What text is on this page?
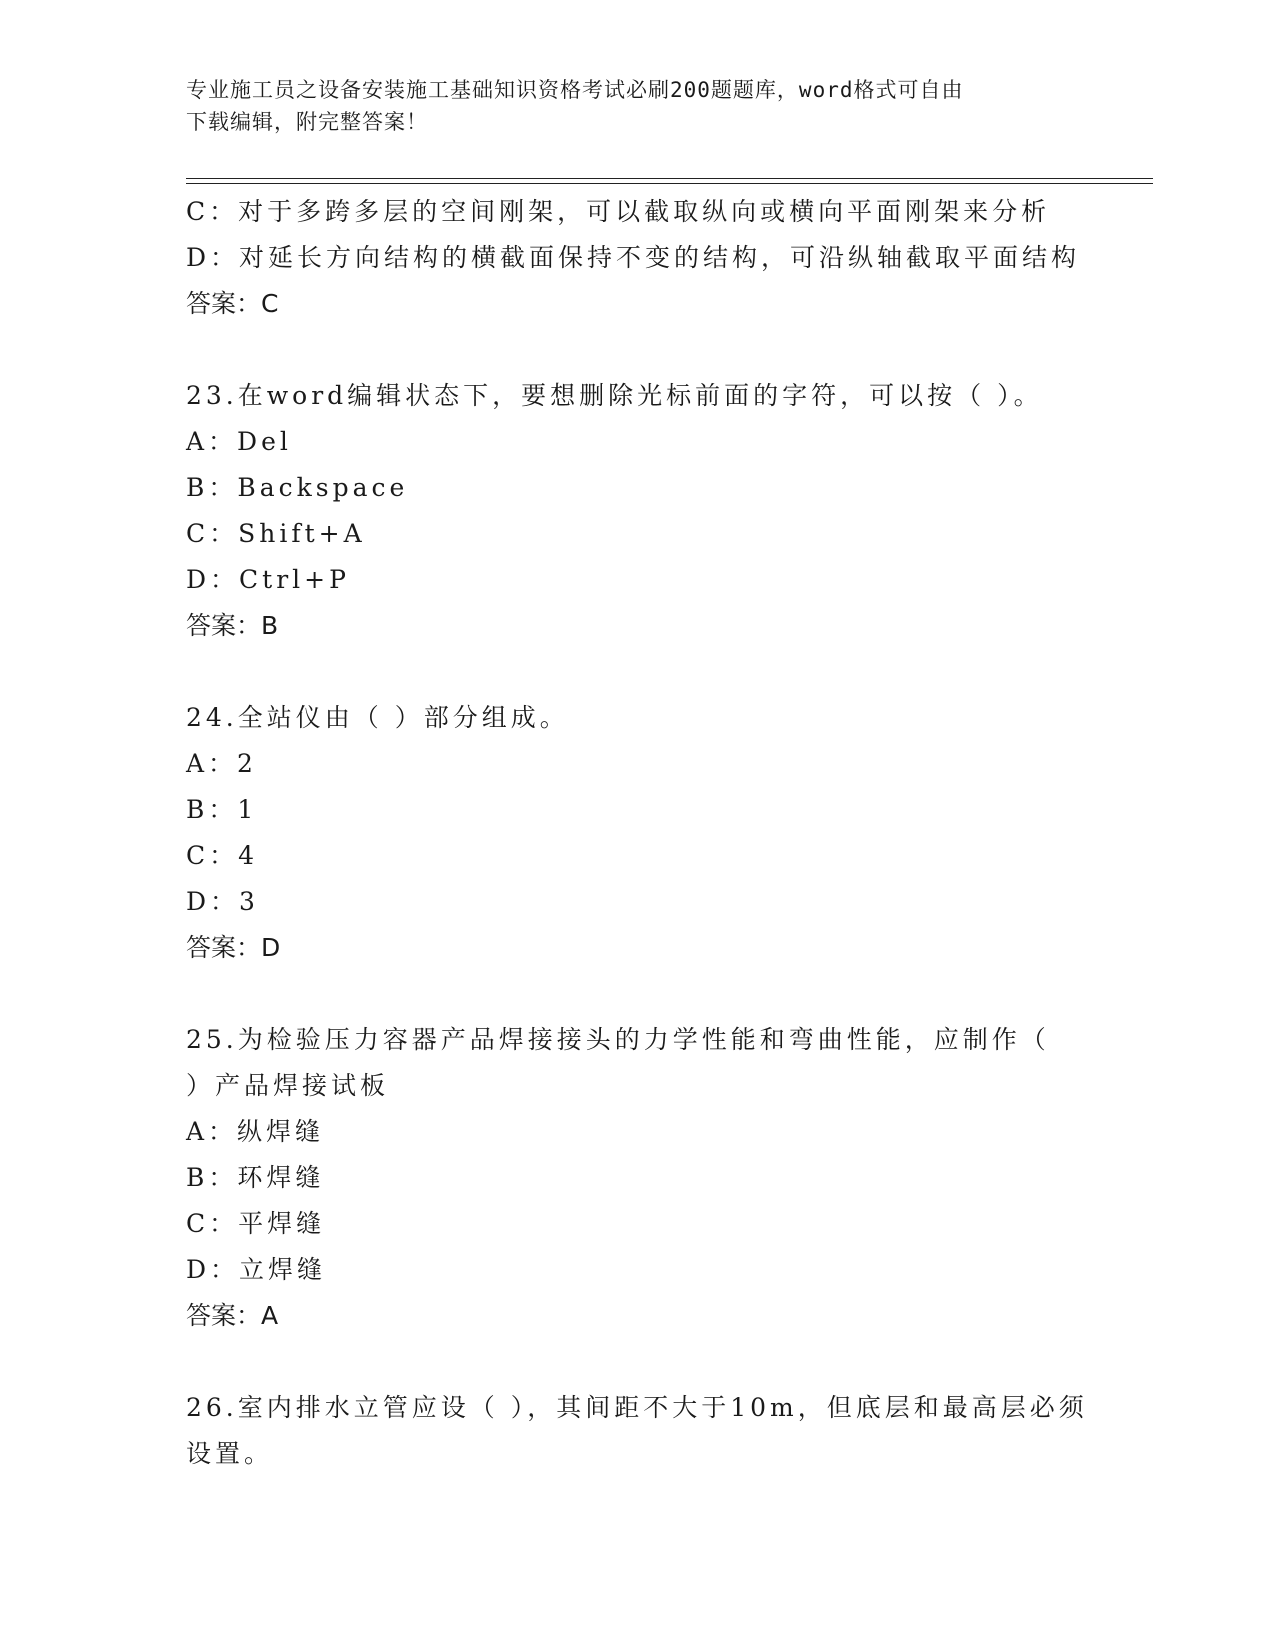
专业施工员之设备安装施工基础知识资格考试必刷200题题库，word格式可自由
下载编辑，附完整答案！
C：对于多跨多层的空间刚架，可以截取纵向或横向平面刚架来分析
D：对延长方向结构的横截面保持不变的结构，可沿纵轴截取平面结构
答案：C
23.在word编辑状态下，要想删除光标前面的字符，可以按（ ）。
A：Del
B：Backspace
C：Shift+A
D：Ctrl+P
答案：B
24.全站仪由（ ）部分组成。
A：2
B：1
C：4
D：3
答案：D
25.为检验压力容器产品焊接接头的力学性能和弯曲性能，应制作（
）产品焊接试板
A：纵焊缝
B：环焊缝
C：平焊缝
D：立焊缝
答案：A
26.室内排水立管应设（ ），其间距不大于10m，但底层和最高层必须
设置。
